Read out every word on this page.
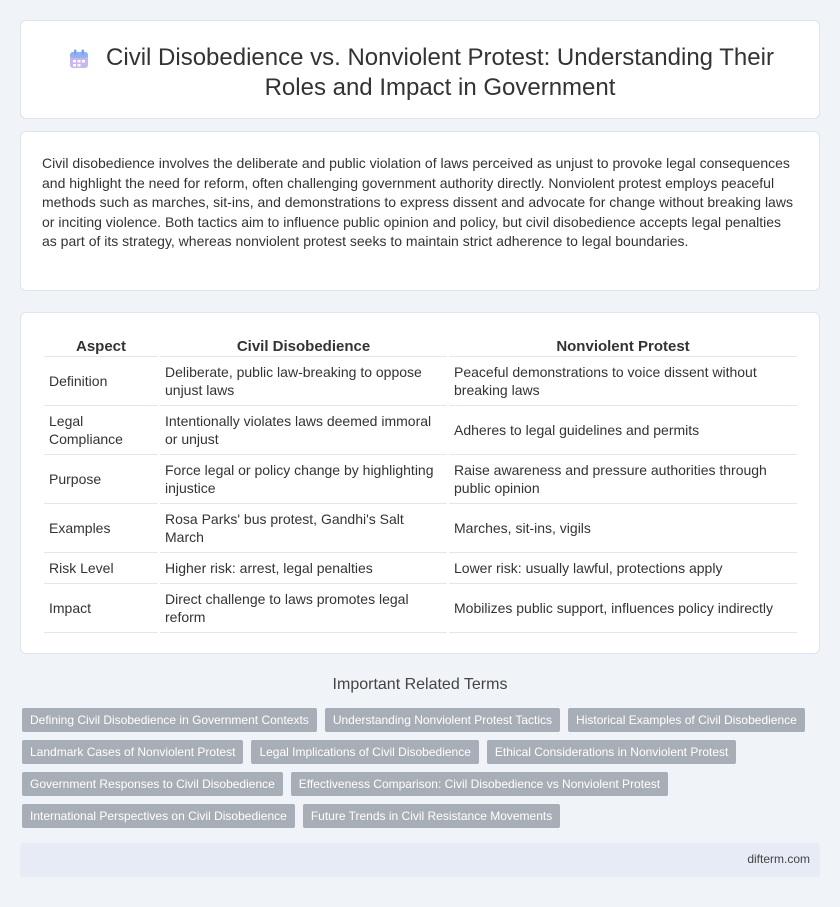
Civil Disobedience vs. Nonviolent Protest: Understanding Their Roles and Impact in Government

Civil disobedience involves the deliberate and public violation of laws perceived as unjust to provoke legal consequences and highlight the need for reform, often challenging government authority directly. Nonviolent protest employs peaceful methods such as marches, sit-ins, and demonstrations to express dissent and advocate for change without breaking laws or inciting violence. Both tactics aim to influence public opinion and policy, but civil disobedience accepts legal penalties as part of its strategy, whereas nonviolent protest seeks to maintain strict adherence to legal boundaries.

Aspect	Civil Disobedience	Nonviolent Protest
Definition	Deliberate, public law-breaking to oppose unjust laws	Peaceful demonstrations to voice dissent without breaking laws
Legal Compliance	Intentionally violates laws deemed immoral or unjust	Adheres to legal guidelines and permits
Purpose	Force legal or policy change by highlighting injustice	Raise awareness and pressure authorities through public opinion
Examples	Rosa Parks' bus protest, Gandhi's Salt March	Marches, sit-ins, vigils
Risk Level	Higher risk: arrest, legal penalties	Lower risk: usually lawful, protections apply
Impact	Direct challenge to laws promotes legal reform	Mobilizes public support, influences policy indirectly
Important Related Terms
Defining Civil Disobedience in Government Contexts	Understanding Nonviolent Protest Tactics	Historical Examples of Civil Disobedience
Landmark Cases of Nonviolent Protest	Legal Implications of Civil Disobedience	Ethical Considerations in Nonviolent Protest
Government Responses to Civil Disobedience	Effectiveness Comparison: Civil Disobedience vs Nonviolent Protest
International Perspectives on Civil Disobedience	Future Trends in Civil Resistance Movements
difterm.com
